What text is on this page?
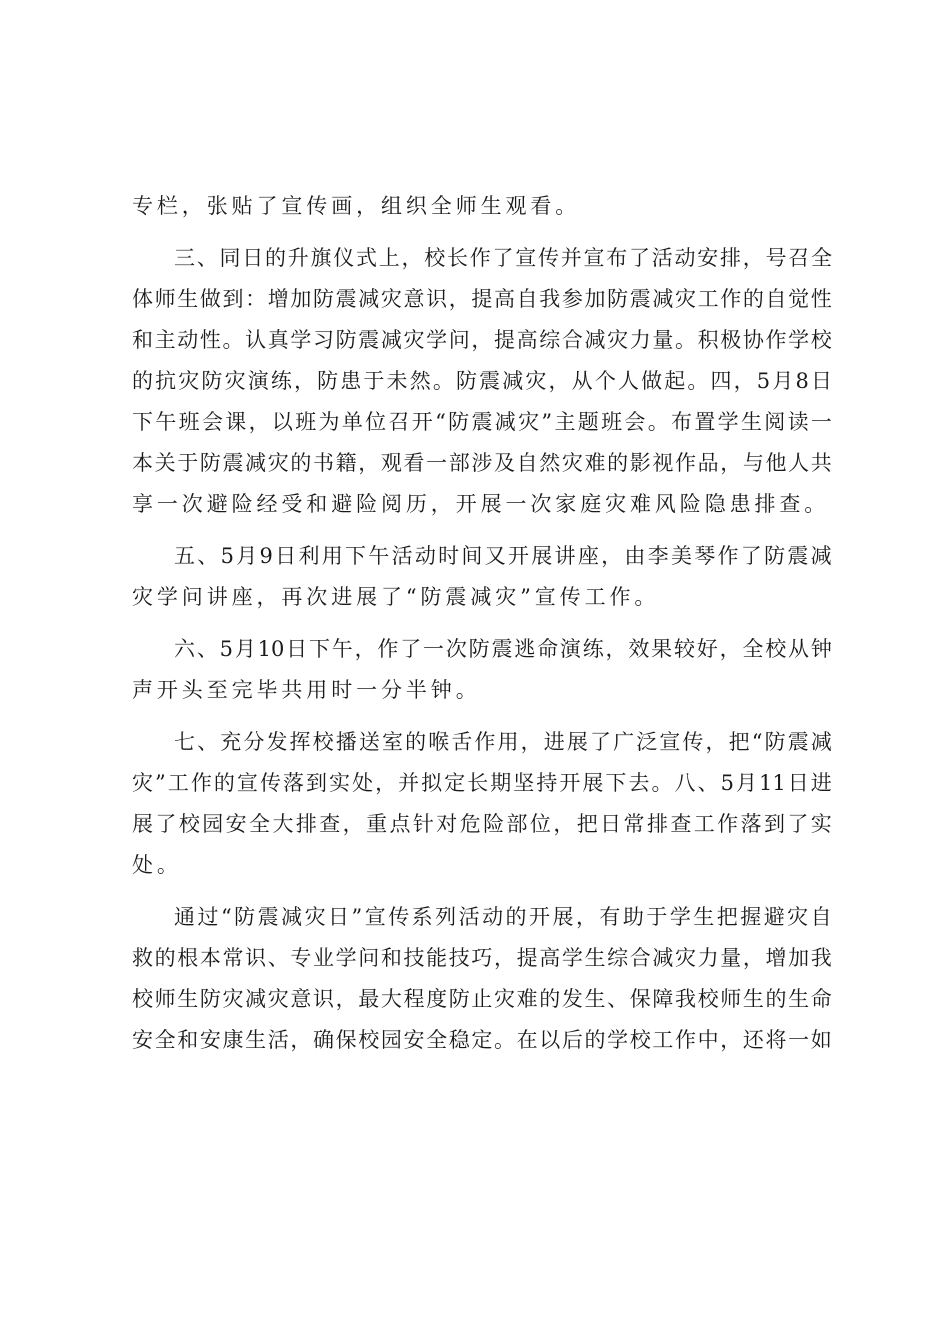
专栏，张贴了宣传画，组织全师生观看。
三 、 同 日 的 升 旗 仪 式 上 ， 校 长 作 了 宣 传 并 宣 布 了 活 动 安 排 ， 号 召 全
体 师 生 做 到 ： 增 加 防 震 减 灾 意 识 ， 提 高 自 我 参 加 防 震 减 灾 工 作 的 自 觉 性
和 主 动 性 。 认 真 学 习 防 震 减 灾 学 问 ， 提 高 综 合 减 灾 力 量 。 积 极 协 作 学 校
的 抗 灾 防 灾 演 练 ， 防 患 于 未 然 。 防 震 减 灾 ， 从 个 人 做 起 。 四 ， 5 月 8 日
下 午 班 会 课 ， 以 班 为 单 位 召 开 “ 防 震 减 灾 ” 主 题 班 会 。 布 置 学 生 阅 读 一
本 关 于 防 震 减 灾 的 书 籍 ， 观 看 一 部 涉 及 自 然 灾 难 的 影 视 作 品 ， 与 他 人 共
享一次避险经受和避险阅历，开展一次家庭灾难风险隐患排查。
五 、 5 月 9 日 利 用 下 午 活 动 时 间 又 开 展 讲 座 ， 由 李 美 琴 作 了 防 震 减
灾学问讲座，再次进展了“防震减灾”宣传工作。
六 、 5 月 10 日 下 午 ， 作 了 一 次 防 震 逃 命 演 练 ， 效 果 较 好 ， 全 校 从 钟
声开头至完毕共用时一分半钟。
七 、 充 分 发 挥 校 播 送 室 的 喉 舌 作 用 ， 进 展 了 广 泛 宣 传 ， 把 “ 防 震 减
灾 ” 工 作 的 宣 传 落 到 实 处 ， 并 拟 定 长 期 坚 持 开 展 下 去 。 八 、 5 月 11 日 进
展 了 校 园 安 全 大 排 查 ， 重 点 针 对 危 险 部 位 ， 把 日 常 排 查 工 作 落 到 了 实
处。
通 过 “ 防 震 减 灾 日 ” 宣 传 系 列 活 动 的 开 展 ， 有 助 于 学 生 把 握 避 灾 自
救 的 根 本 常 识 、 专 业 学 问 和 技 能 技 巧 ， 提 高 学 生 综 合 减 灾 力 量 ， 增 加 我
校 师 生 防 灾 减 灾 意 识 ， 最 大 程 度 防 止 灾 难 的 发 生 、 保 障 我 校 师 生 的 生 命
安 全 和 安 康 生 活 ， 确 保 校 园 安 全 稳 定 。 在 以 后 的 学 校 工 作 中 ， 还 将 一 如
